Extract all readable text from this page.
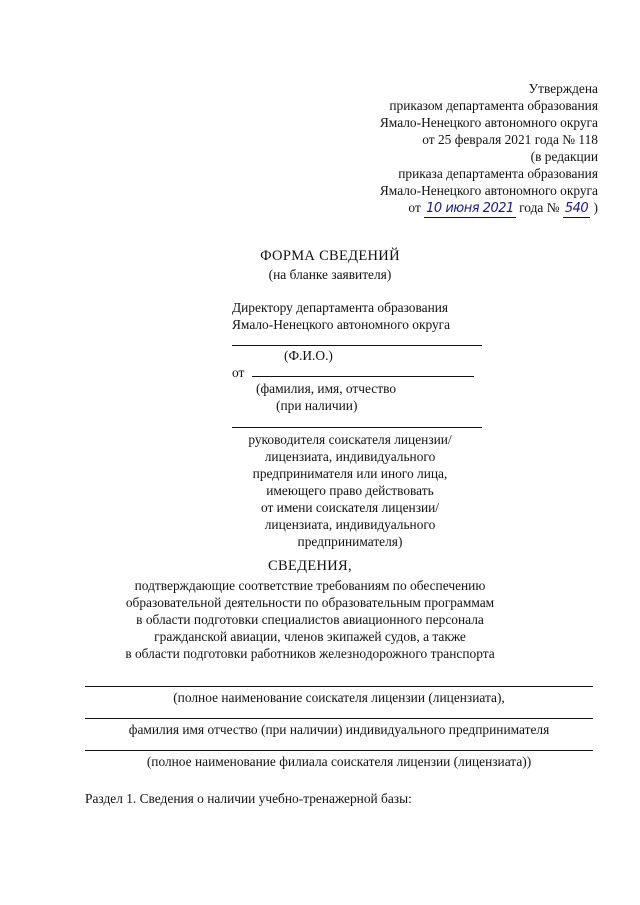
Утверждена
приказом департамента образования
Ямало-Ненецкого автономного округа
от 25 февраля 2021 года № 118
(в редакции
приказа департамента образования
Ямало-Ненецкого автономного округа
от 10 июня 2021 года № 540 )
ФОРМА СВЕДЕНИЙ
(на бланке заявителя)
Директору департамента образования
Ямало-Ненецкого автономного округа
(Ф.И.О.)
от
(фамилия, имя, отчество
(при наличии)
руководителя соискателя лицензии/
лицензиата, индивидуального
предпринимателя или иного лица,
имеющего право действовать
от имени соискателя лицензии/
лицензиата, индивидуального
предпринимателя)
СВЕДЕНИЯ,
подтверждающие соответствие требованиям по обеспечению
образовательной деятельности по образовательным программам
в области подготовки специалистов авиационного персонала
гражданской авиации, членов экипажей судов, а также
в области подготовки работников железнодорожного транспорта
(полное наименование соискателя лицензии (лицензиата),
фамилия имя отчество (при наличии) индивидуального предпринимателя
(полное наименование филиала соискателя лицензии (лицензиата))
Раздел 1. Сведения о наличии учебно-тренажерной базы:
